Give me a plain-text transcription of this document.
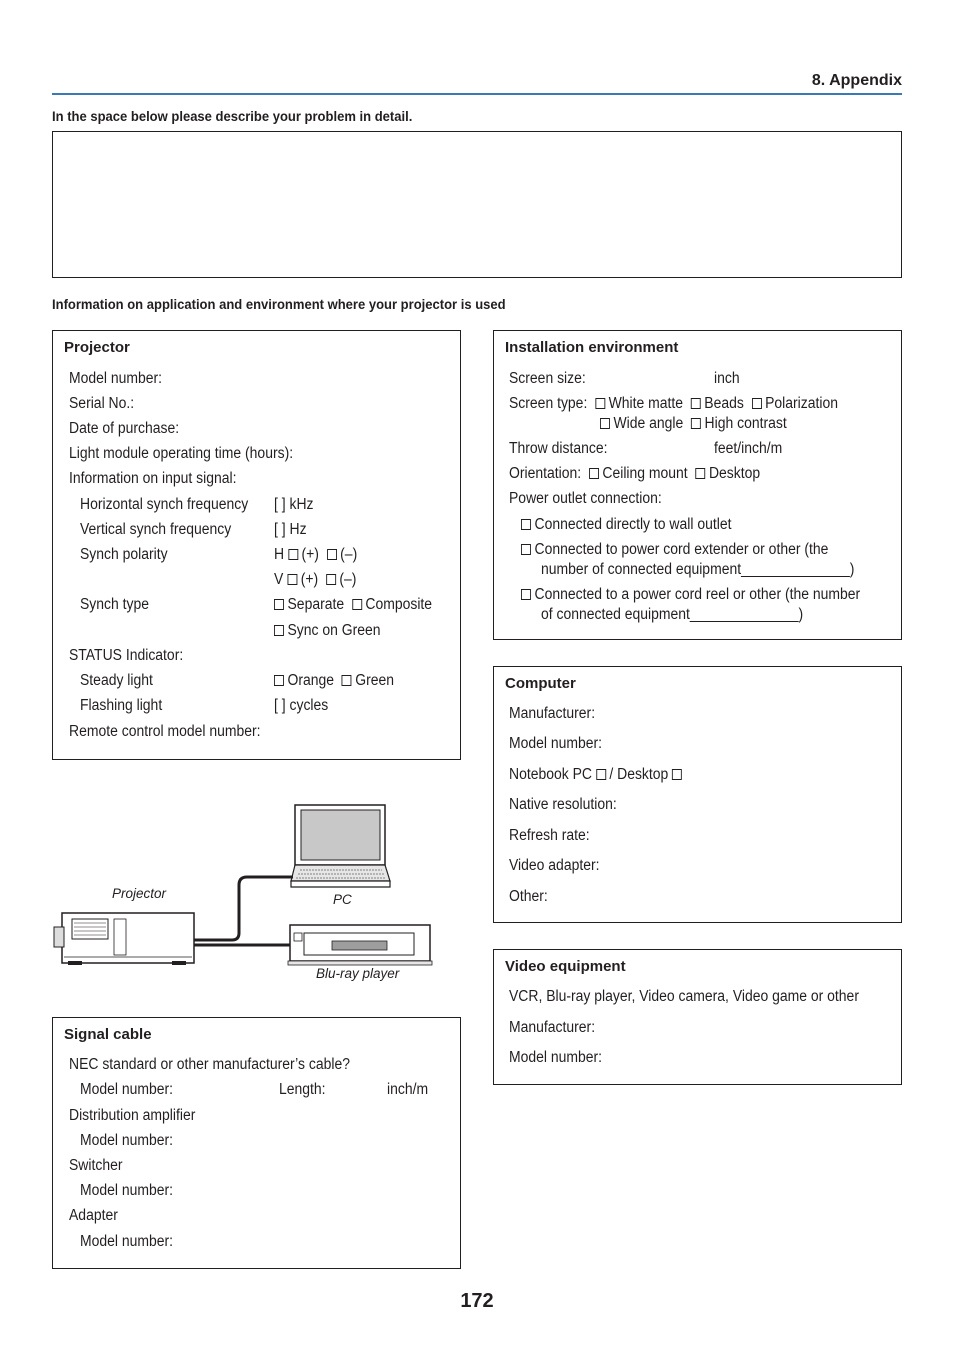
8. Appendix
In the space below please describe your problem in detail.
Information on application and environment where your projector is used
Projector
Model number:
Serial No.:
Date of purchase:
Light module operating time (hours):
Information on input signal:
Horizontal synch frequency [ ] kHz
Vertical synch frequency	[ ] Hz
Synch polarity	H (+) (–)
V (+) (–)
Synch type	Separate Composite
Sync on Green
STATUS Indicator:
Steady light	Orange Green
Flashing light	[ ] cycles
Remote control model number:
Projector	PC
Blu-ray player
Signal cable
NEC standard or other manufacturer’s cable?
Model number:	Length:	inch/m
Distribution amplifier
Model number:
Switcher
Model number:
Adapter
Model number:
Installation environment
Screen size:	inch
Screen type: White matte Beads Polarization
Wide angle High contrast
Throw distance:	feet/inch/m
Orientation: Ceiling mount Desktop
Power outlet connection:
Connected directly to wall outlet
Connected to power cord extender or other (the
number of connected equipment______________)
Connected to a power cord reel or other (the number
of connected equipment______________)
Computer
Manufacturer:
Model number:
Notebook PC / Desktop
Native resolution:
Refresh rate:
Video adapter:
Other:
Video equipment
VCR, Blu-ray player, Video camera, Video game or other
Manufacturer:
Model number:
172
